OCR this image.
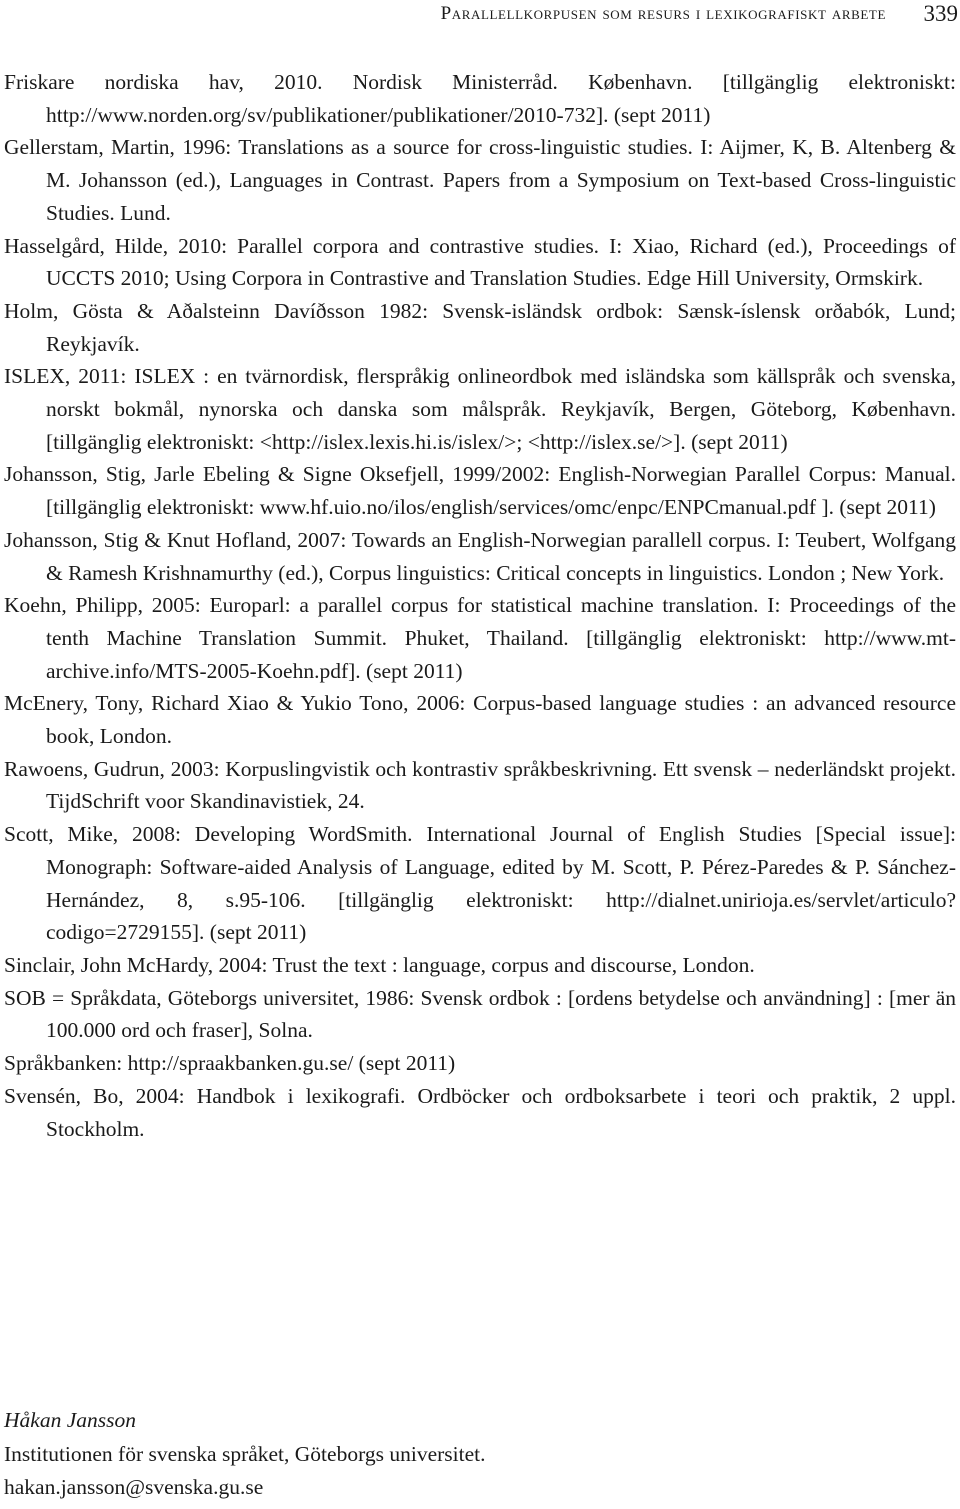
Parallellkorpusen som resurs i lexikografiskt arbete 339

Friskare nordiska hav, 2010. Nordisk Ministerråd. København. [tillgänglig elektroniskt: http://www.norden.org/sv/publikationer/publikationer/2010-732]. (sept 2011)

Gellerstam, Martin, 1996: Translations as a source for cross-linguistic studies. I: Aijmer, K, B. Altenberg & M. Johansson (ed.), Languages in Contrast. Papers from a Symposium on Text-based Cross-linguistic Studies. Lund.

Hasselgård, Hilde, 2010: Parallel corpora and contrastive studies. I: Xiao, Richard (ed.), Proceedings of UCCTS 2010; Using Corpora in Contrastive and Translation Studies. Edge Hill University, Ormskirk.

Holm, Gösta & Aðalsteinn Davíðsson 1982: Svensk-isländsk ordbok: Sænsk-íslensk orðabók, Lund; Reykjavík.

ISLEX, 2011: ISLEX : en tvärnordisk, flerspråkig onlineordbok med isländska som källspråk och svenska, norskt bokmål, nynorska och danska som målspråk. Reykjavík, Bergen, Göteborg, København. [tillgänglig elektroniskt: <http://islex.lexis.hi.is/islex/>; <http://islex.se/>]. (sept 2011)

Johansson, Stig, Jarle Ebeling & Signe Oksefjell, 1999/2002: English-Norwegian Parallel Corpus: Manual. [tillgänglig elektroniskt: www.hf.uio.no/ilos/english/services/omc/enpc/ENPCmanual.pdf ]. (sept 2011)

Johansson, Stig & Knut Hofland, 2007: Towards an English-Norwegian parallell corpus. I: Teubert, Wolfgang & Ramesh Krishnamurthy (ed.), Corpus linguistics: Critical concepts in linguistics. London ; New York.

Koehn, Philipp, 2005: Europarl: a parallel corpus for statistical machine translation. I: Proceedings of the tenth Machine Translation Summit. Phuket, Thailand. [tillgänglig elektroniskt: http://www.mt-archive.info/MTS-2005-Koehn.pdf]. (sept 2011)

McEnery, Tony, Richard Xiao & Yukio Tono, 2006: Corpus-based language studies : an advanced resource book, London.

Rawoens, Gudrun, 2003: Korpuslingvistik och kontrastiv språkbeskrivning. Ett svensk – nederländskt projekt. TijdSchrift voor Skandinavistiek, 24.

Scott, Mike, 2008: Developing WordSmith. International Journal of English Studies [Special issue]: Monograph: Software-aided Analysis of Language, edited by M. Scott, P. Pérez-Paredes & P. Sánchez-Hernández, 8, s.95-106. [tillgänglig elektroniskt: http://dialnet.unirioja.es/servlet/articulo?codigo=2729155]. (sept 2011)

Sinclair, John McHardy, 2004: Trust the text : language, corpus and discourse, London.

SOB = Språkdata, Göteborgs universitet, 1986: Svensk ordbok : [ordens betydelse och användning] : [mer än 100.000 ord och fraser], Solna.

Språkbanken: http://spraakbanken.gu.se/ (sept 2011)

Svensén, Bo, 2004: Handbok i lexikografi. Ordböcker och ordboksarbete i teori och praktik, 2 uppl. Stockholm.

Håkan Jansson
Institutionen för svenska språket, Göteborgs universitet.
hakan.jansson@svenska.gu.se
